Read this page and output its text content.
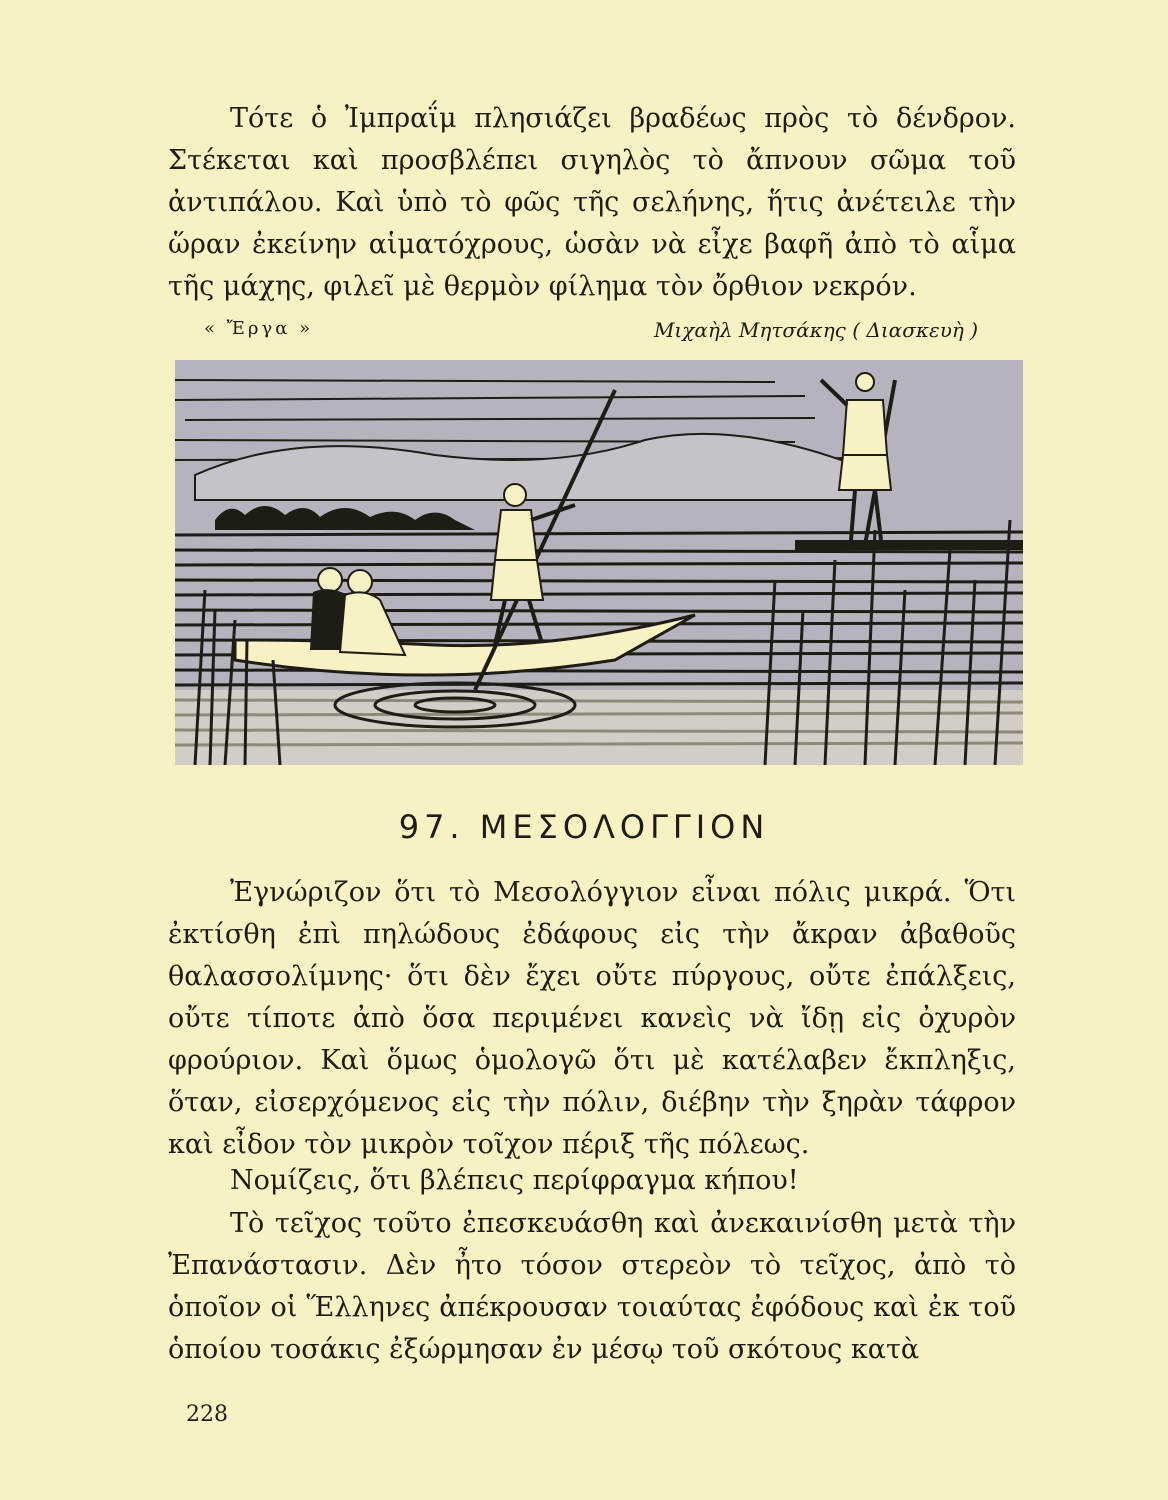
Τότε ὁ Ἰμπραΐμ πλησιάζει βραδέως πρὸς τὸ δένδρον. Στέκεται καὶ προσβλέπει σιγηλὸς τὸ ἄπνουν σῶμα τοῦ ἀντιπάλου. Καὶ ὑπὸ τὸ φῶς τῆς σελήνης, ἥτις ἀνέτειλε τὴν ὥραν ἐκείνην αἱματόχρους, ὡσὰν νὰ εἶχε βαφῆ ἀπὸ τὸ αἷμα τῆς μάχης, φιλεῖ μὲ θερμὸν φίλημα τὸν ὄρθιον νεκρόν.

« Ἔργα »	Μιχαὴλ Μητσάκης ( Διασκευὴ )
97. ΜΕΣΟΛΟΓΓΙΟΝ

Ἐγνώριζον ὅτι τὸ Μεσολόγγιον εἶναι πόλις μικρά. Ὅτι ἐκτίσθη ἐπὶ πηλώδους ἐδάφους εἰς τὴν ἄκραν ἀβαθοῦς θαλασσολίμνης· ὅτι δὲν ἔχει οὔτε πύργους, οὔτε ἐπάλξεις, οὔτε τίποτε ἀπὸ ὅσα περιμένει κανεὶς νὰ ἴδῃ εἰς ὀχυρὸν φρούριον. Καὶ ὅμως ὁμολογῶ ὅτι μὲ κατέλαβεν ἔκπληξις, ὅταν, εἰσερχόμενος εἰς τὴν πόλιν, διέβην τὴν ξηρὰν τάφρον καὶ εἶδον τὸν μικρὸν τοῖχον πέριξ τῆς πόλεως.

Νομίζεις, ὅτι βλέπεις περίφραγμα κήπου!

Τὸ τεῖχος τοῦτο ἐπεσκευάσθη καὶ ἀνεκαινίσθη μετὰ τὴν Ἐπανάστασιν. Δὲν ἦτο τόσον στερεὸν τὸ τεῖχος, ἀπὸ τὸ ὁποῖον οἱ Ἕλληνες ἀπέκρουσαν τοιαύτας ἐφόδους καὶ ἐκ τοῦ ὁποίου τοσάκις ἐξώρμησαν ἐν μέσῳ τοῦ σκότους κατὰ

228
